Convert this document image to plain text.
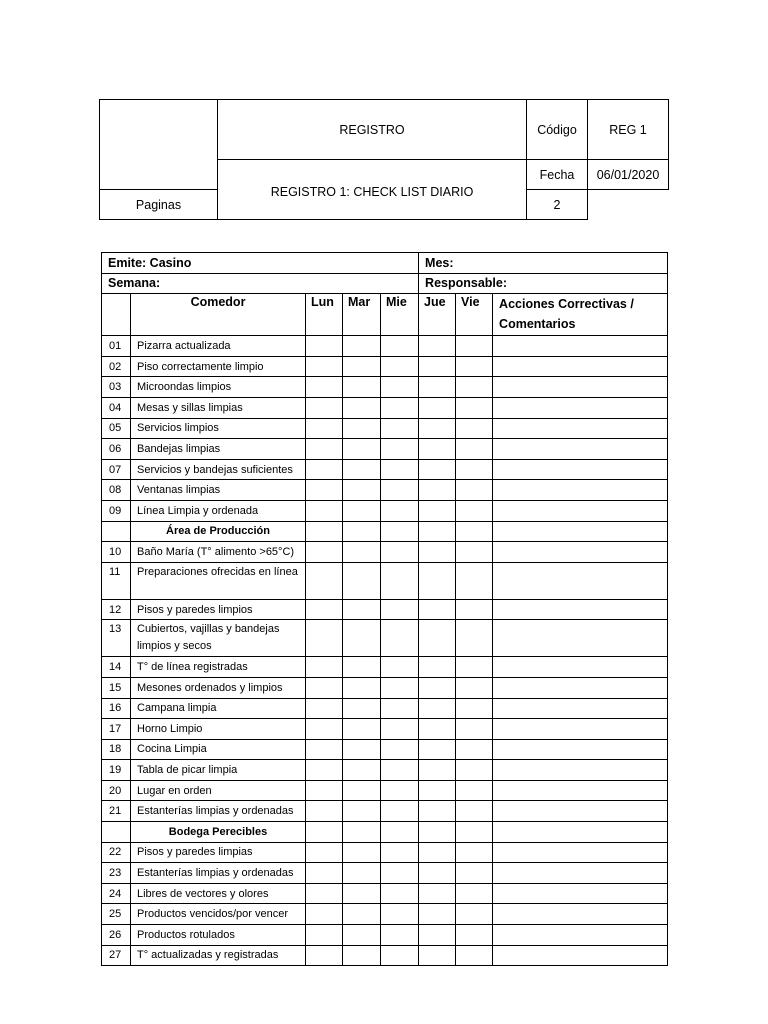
	REGISTRO	Código	REG 1
	REGISTRO 1: CHECK LIST DIARIO	Fecha	06/01/2020
Paginas		2	
Emite: Casino					Mes:		
Semana:					Responsable:		
	Comedor	Lun	Mar	Mie	Jue	Vie	Acciones Correctivas / Comentarios
01	Pizarra actualizada						
02	Piso correctamente limpio						
03	Microondas limpios						
04	Mesas y sillas limpias						
05	Servicios limpios						
06	Bandejas limpias						
07	Servicios y bandejas suficientes						
08	Ventanas limpias						
09	Línea Limpia y ordenada						
	Área de Producción						
10	Baño María (T° alimento >65°C)						
11	Preparaciones ofrecidas en línea						
12	Pisos y paredes limpios						
13	Cubiertos, vajillas y bandejas limpios y secos						
14	T° de línea registradas						
15	Mesones ordenados y limpios						
16	Campana limpia						
17	Horno Limpio						
18	Cocina Limpia						
19	Tabla de picar limpia						
20	Lugar en orden						
21	Estanterías limpias y ordenadas						
	Bodega Perecibles						
22	Pisos y paredes limpias						
23	Estanterías limpias y ordenadas						
24	Libres de vectores y olores						
25	Productos vencidos/por vencer						
26	Productos rotulados						
27	T° actualizadas y registradas						
